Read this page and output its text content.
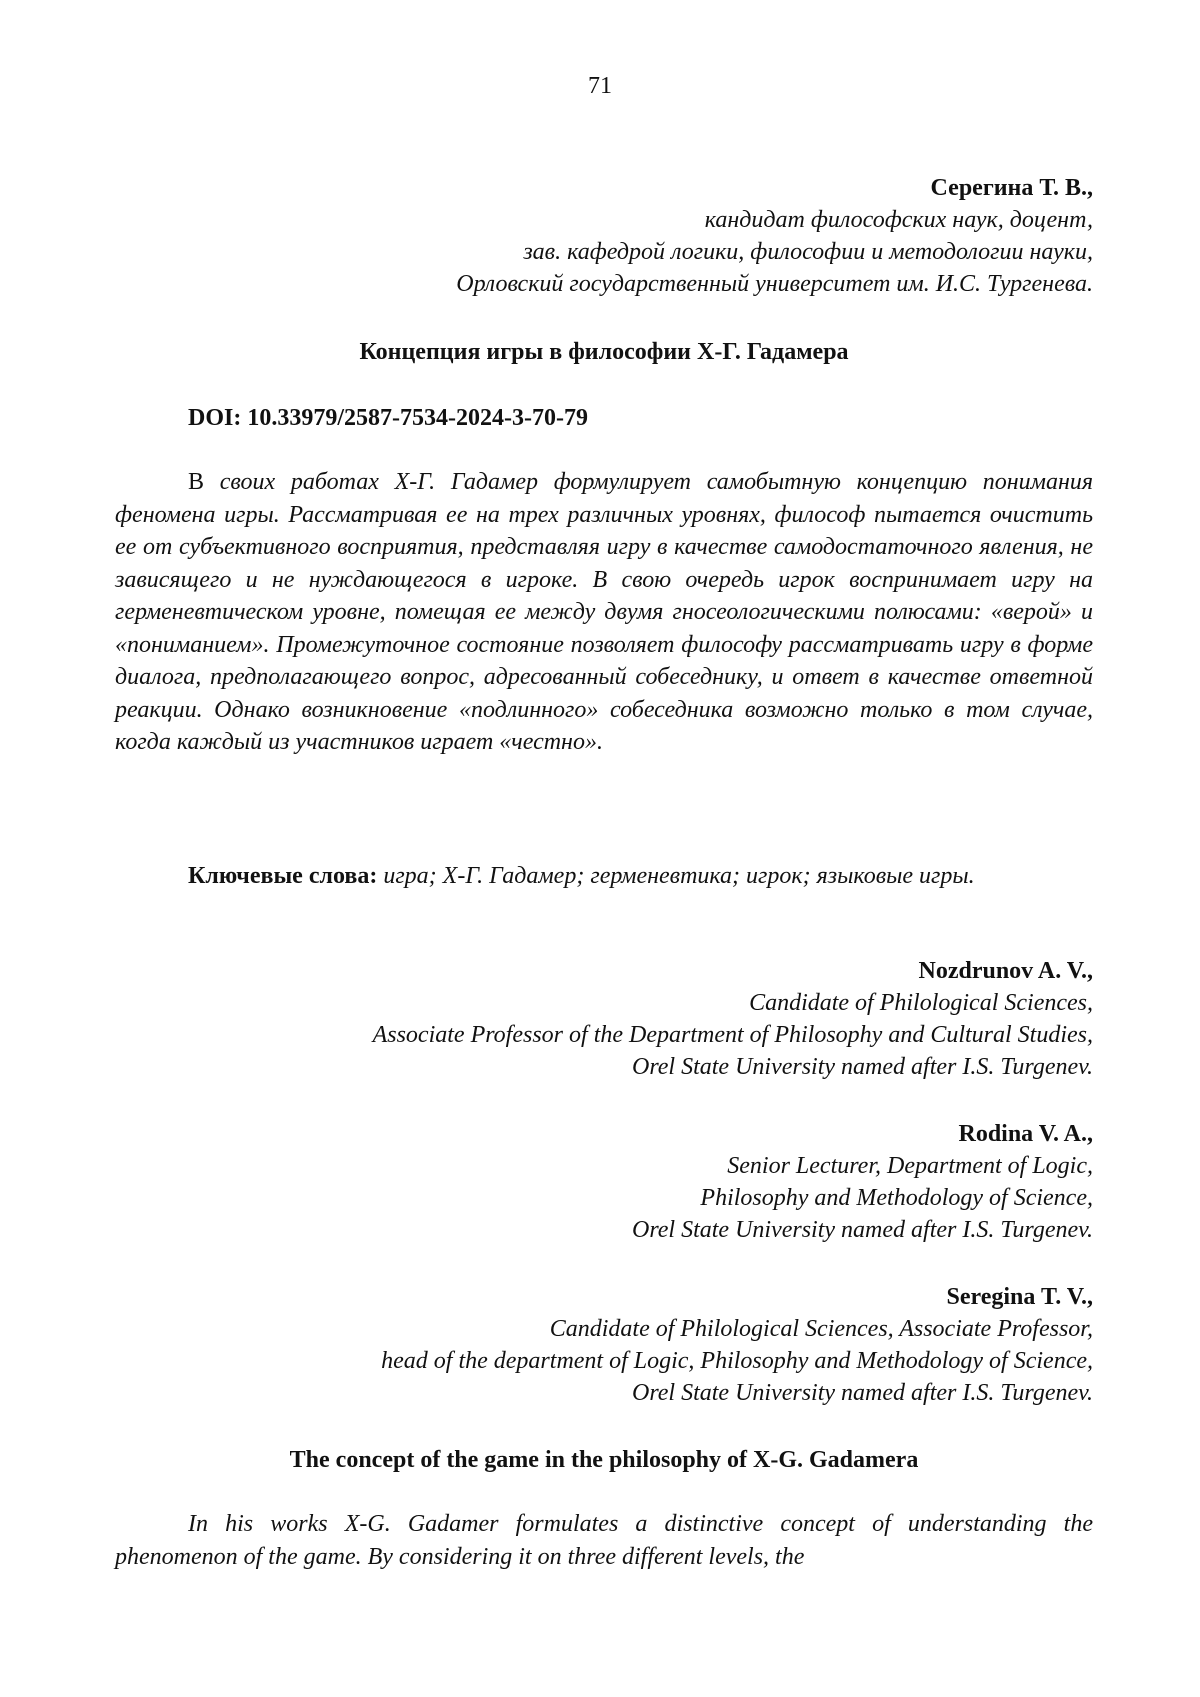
71
Серегина Т. В.,
кандидат философских наук, доцент,
зав. кафедрой логики, философии и методологии науки,
Орловский государственный университет им. И.С. Тургенева.
Концепция игры в философии Х-Г. Гадамера
DOI: 10.33979/2587-7534-2024-3-70-79
В своих работах Х-Г. Гадамер формулирует самобытную концепцию понимания феномена игры. Рассматривая ее на трех различных уровнях, философ пытается очистить ее от субъективного восприятия, представляя игру в качестве самодостаточного явления, не зависящего и не нуждающегося в игроке. В свою очередь игрок воспринимает игру на герменевтическом уровне, помещая ее между двумя гносеологическими полюсами: «верой» и «пониманием». Промежуточное состояние позволяет философу рассматривать игру в форме диалога, предполагающего вопрос, адресованный собеседнику, и ответ в качестве ответной реакции. Однако возникновение «подлинного» собеседника возможно только в том случае, когда каждый из участников играет «честно».
Ключевые слова: игра; Х-Г. Гадамер; герменевтика; игрок; языковые игры.
Nozdrunov A. V.,
Candidate of Philological Sciences,
Associate Professor of the Department of Philosophy and Cultural Studies,
Orel State University named after I.S. Turgenev.
Rodina V. A.,
Senior Lecturer, Department of Logic,
Philosophy and Methodology of Science,
Orel State University named after I.S. Turgenev.
Seregina T. V.,
Candidate of Philological Sciences, Associate Professor,
head of the department of Logic, Philosophy and Methodology of Science,
Orel State University named after I.S. Turgenev.
The concept of the game in the philosophy of X-G. Gadamera
In his works X-G. Gadamer formulates a distinctive concept of understanding the phenomenon of the game. By considering it on three different levels, the
